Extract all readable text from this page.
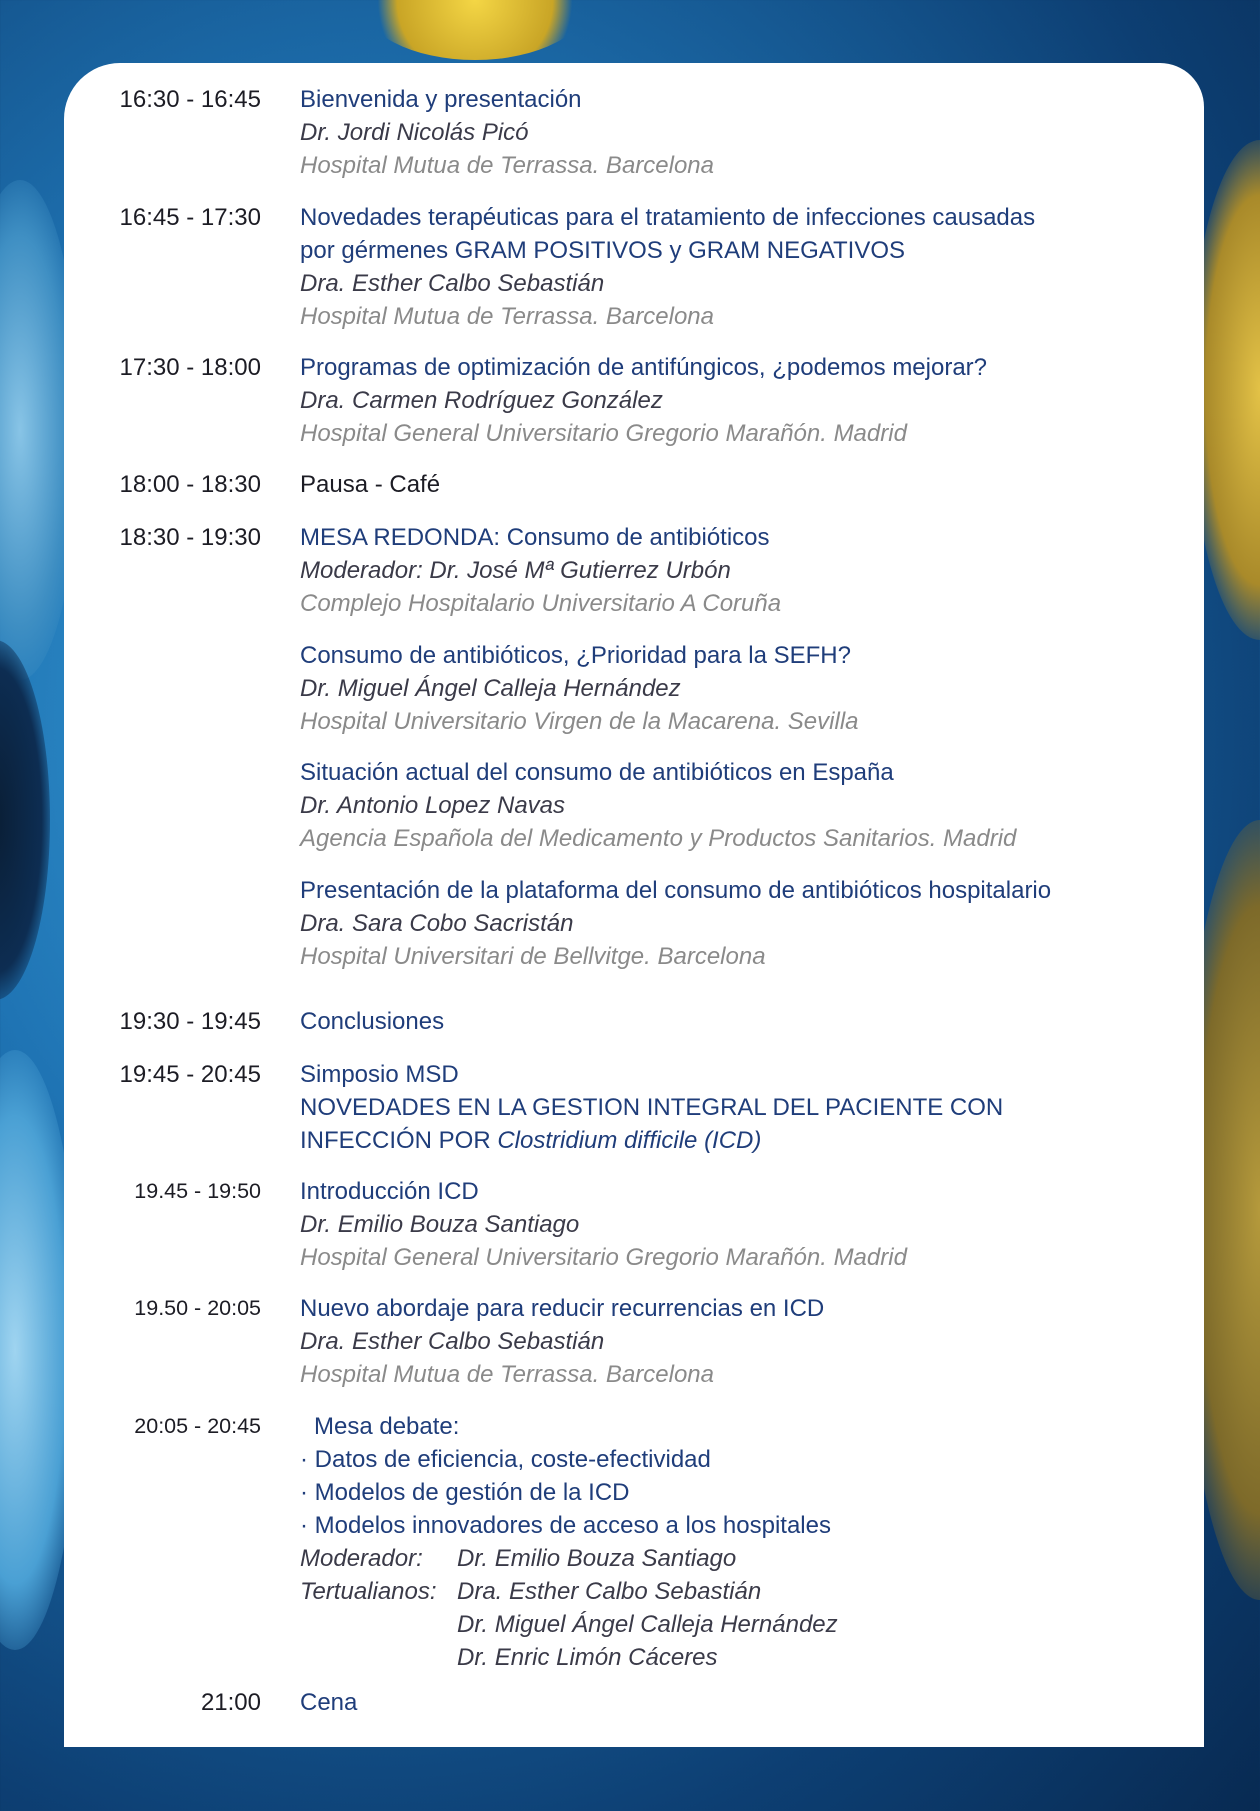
16:30 - 16:45 Bienvenida y presentación
Dr. Jordi Nicolás Picó
Hospital Mutua de Terrassa. Barcelona
16:45 - 17:30 Novedades terapéuticas para el tratamiento de infecciones causadas
por gérmenes GRAM POSITIVOS y GRAM NEGATIVOS
Dra. Esther Calbo Sebastián
Hospital Mutua de Terrassa. Barcelona
17:30 - 18:00 Programas de optimización de antifúngicos, ¿podemos mejorar?
Dra. Carmen Rodríguez González
Hospital General Universitario Gregorio Marañón. Madrid
18:00 - 18:30 Pausa - Café
18:30 - 19:30 MESA REDONDA: Consumo de antibióticos
Moderador: Dr. José Mª Gutierrez Urbón
Complejo Hospitalario Universitario A Coruña
Consumo de antibióticos, ¿Prioridad para la SEFH?
Dr. Miguel Ángel Calleja Hernández
Hospital Universitario Virgen de la Macarena. Sevilla
Situación actual del consumo de antibióticos en España
Dr. Antonio Lopez Navas
Agencia Española del Medicamento y Productos Sanitarios. Madrid
Presentación de la plataforma del consumo de antibióticos hospitalario
Dra. Sara Cobo Sacristán
Hospital Universitari de Bellvitge. Barcelona
19:30 - 19:45 Conclusiones
19:45 - 20:45 Simposio MSD
NOVEDADES EN LA GESTION INTEGRAL DEL PACIENTE CON
INFECCIÓN POR Clostridium difficile (ICD)
19.45 - 19:50 Introducción ICD
Dr. Emilio Bouza Santiago
Hospital General Universitario Gregorio Marañón. Madrid
19.50 - 20:05 Nuevo abordaje para reducir recurrencias en ICD
Dra. Esther Calbo Sebastián
Hospital Mutua de Terrassa. Barcelona
20:05 - 20:45	Mesa debate:
· Datos de eficiencia, coste-efectividad
· Modelos de gestión de la ICD
· Modelos innovadores de acceso a los hospitales
Moderador:	Dr. Emilio Bouza Santiago
Tertualianos: Dra. Esther Calbo Sebastián
Dr. Miguel Ángel Calleja Hernández
Dr. Enric Limón Cáceres
21:00 Cena
